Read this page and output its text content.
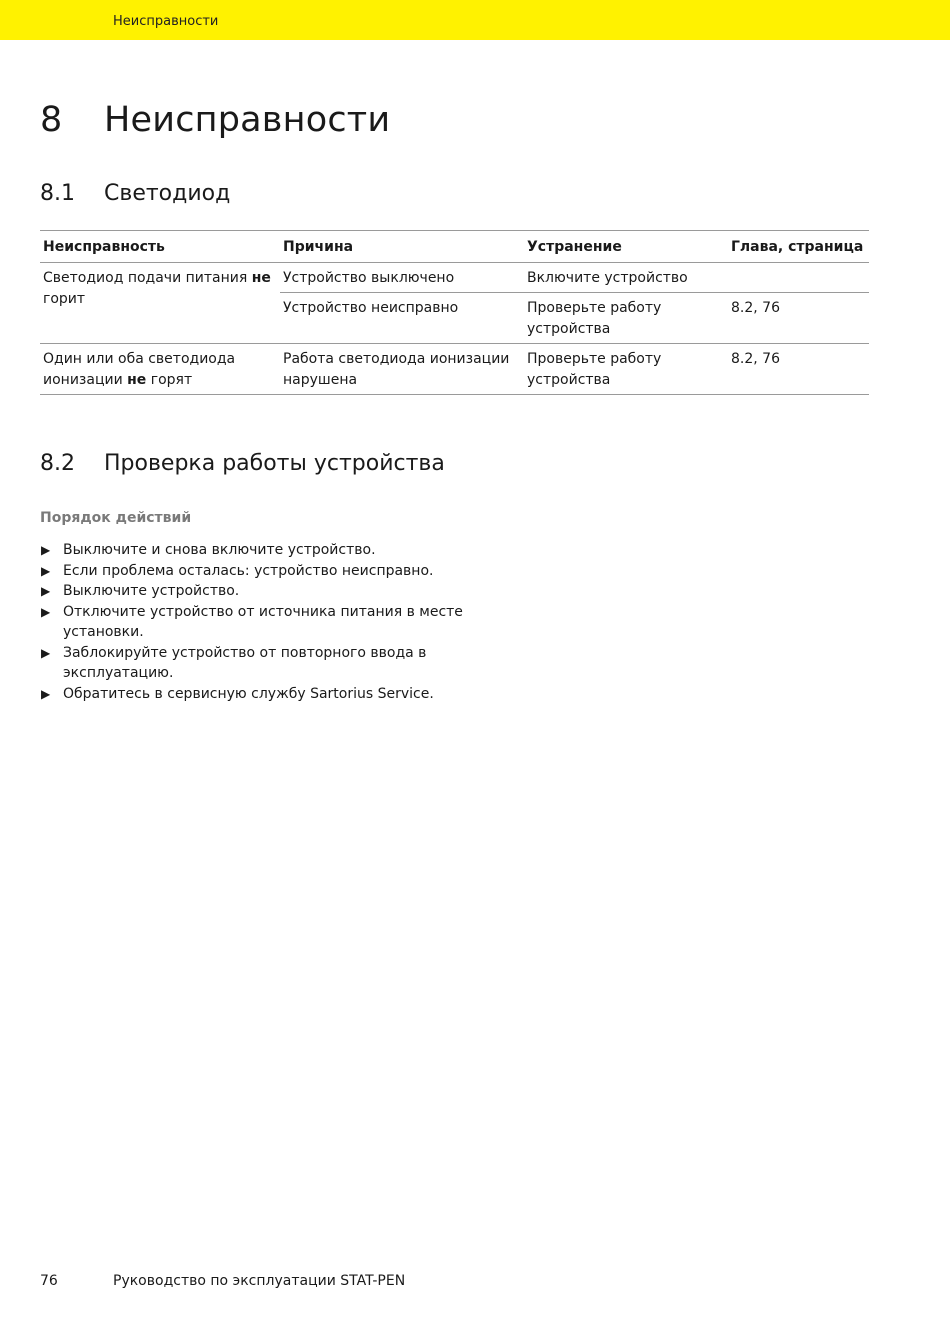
Неисправности
8 Неисправности
8.1 Светодиод
Неисправность	Причина	Устранение	Глава, страница
Светодиод подачи питания не горит	Устройство выключено	Включите устройство	
	Устройство неисправно	Проверьте работу устройства	8.2, 76
Один или оба светодиода ионизации не горят	Работа светодиода ионизации нарушена	Проверьте работу устройства	8.2, 76
8.2 Проверка работы устройства
Порядок действий
▶ Выключите и снова включите устройство.
▶ Если проблема осталась: устройство неисправно.
▶ Выключите устройство.
▶ Отключите устройство от источника питания в месте установки.
▶ Заблокируйте устройство от повторного ввода в эксплуатацию.
▶ Обратитесь в сервисную службу Sartorius Service.
76	Руководство по эксплуатации STAT-PEN
